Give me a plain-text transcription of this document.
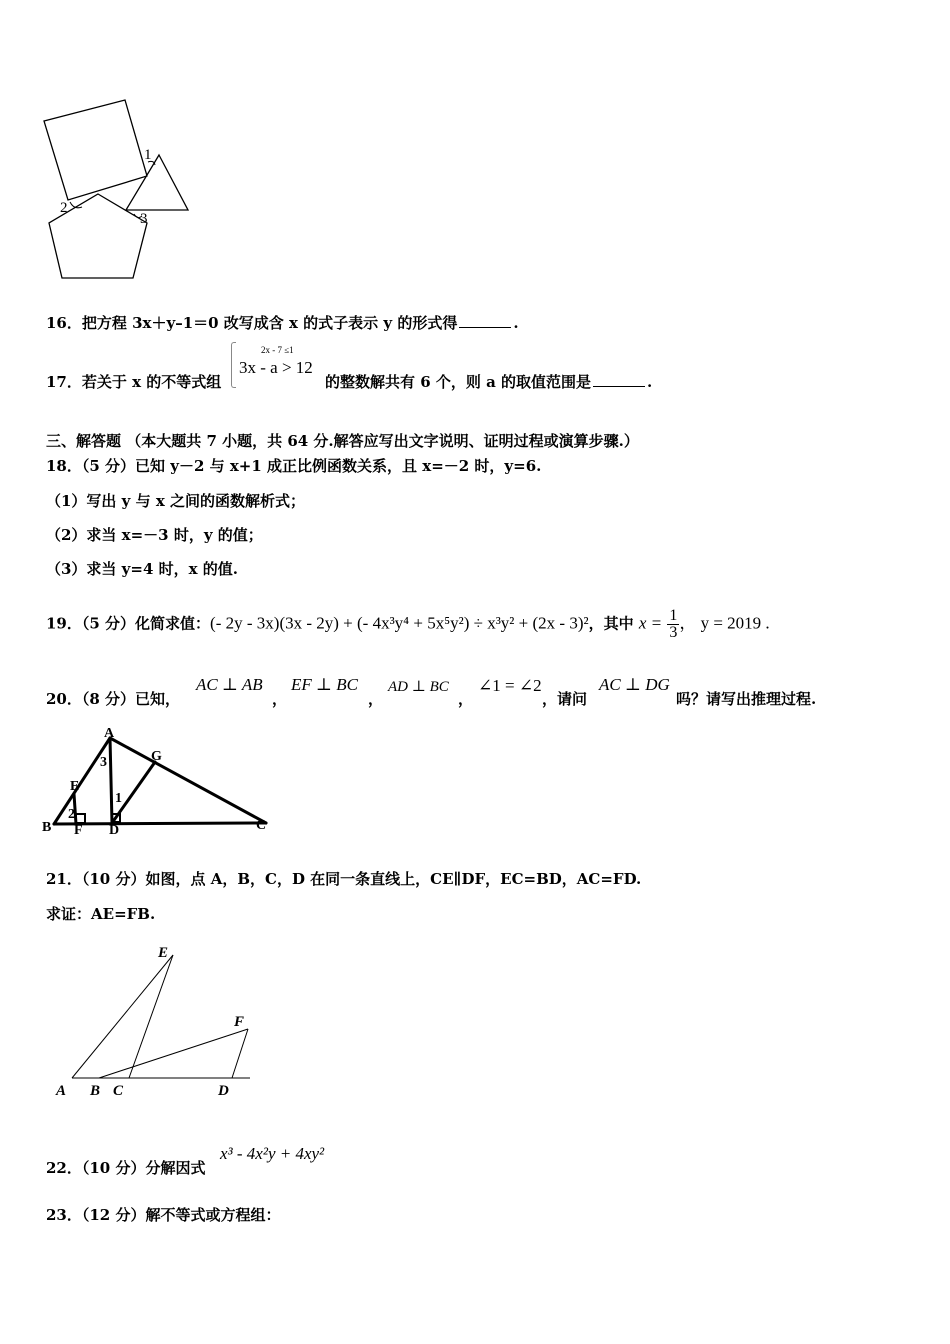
1
2
3
16．把方程 3x＋y–1＝0 改写成含 x 的式子表示 y 的形式得	.
17．若关于 x 的不等式组
2x - 7 ≤1
3x - a > 12
的整数解共有 6 个，则 a 的取值范围是	.
三、解答题 （本大题共 7 小题，共 64 分.解答应写出文字说明、证明过程或演算步骤.）
18．（5 分）已知 y－2 与 x+1 成正比例函数关系，且 x=－2 时，y=6.
（1）写出 y 与 x 之间的函数解析式；
（2）求当 x=－3 时，y 的值；
（3）求当 y=4 时，x 的值.
19．（5 分）化简求值：(- 2y - 3x)(3x - 2y) + (- 4x³y⁴ + 5x⁵y²) ÷ x³y² + (2x - 3)²，其中 $x = \frac{1}{3}$ ， y = 2019 .
20．（8 分）已知，
AC ⊥ AB
，
EF ⊥ BC
，
AD ⊥ BC
，
∠1 = ∠2
，请问
AC ⊥ DG
吗？请写出推理过程.
A
G
E
3
2
1
B F D	C
21．（10 分）如图，点 A，B，C，D 在同一条直线上，CE∥DF，EC=BD，AC=FD.
求证：AE=FB.
E
F
A B C	D
22．（10 分）分解因式
x³ - 4x²y + 4xy²
23．（12 分）解不等式或方程组：
